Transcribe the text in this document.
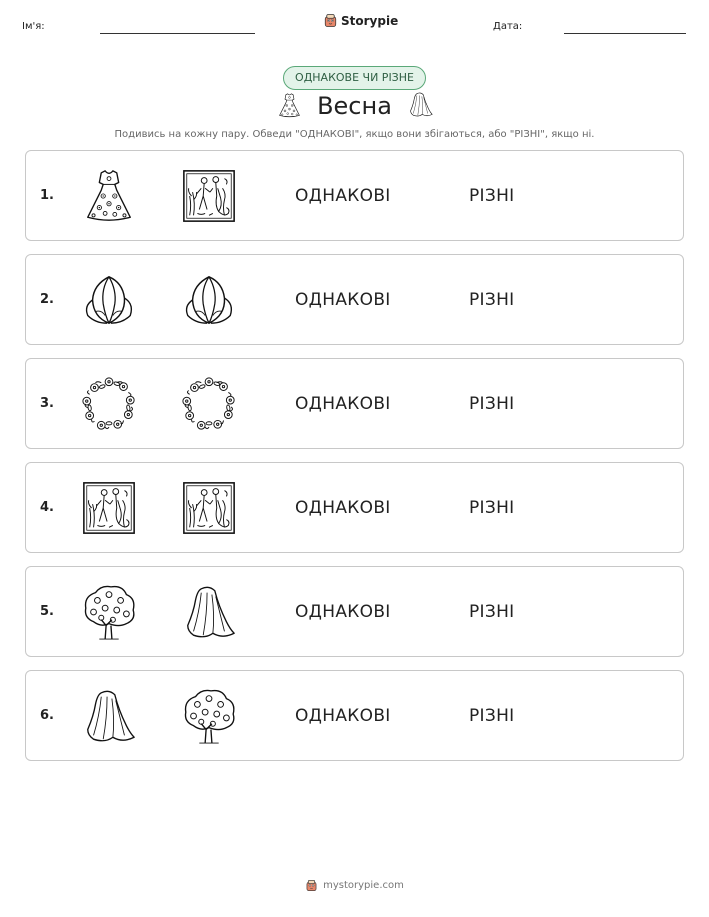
Ім'я:	Storypie	Дата:
ОДНАКОВЕ ЧИ РІЗНЕ
Весна
Подивись на кожну пару. Обведи "ОДНАКОВІ", якщо вони збігаються, або "РІЗНІ", якщо ні.
1.	ОДНАКОВІ	РІЗНІ
2.	ОДНАКОВІ	РІЗНІ
3.	ОДНАКОВІ	РІЗНІ
4.	ОДНАКОВІ	РІЗНІ
5.	ОДНАКОВІ	РІЗНІ
6.	ОДНАКОВІ	РІЗНІ
mystorypie.com
